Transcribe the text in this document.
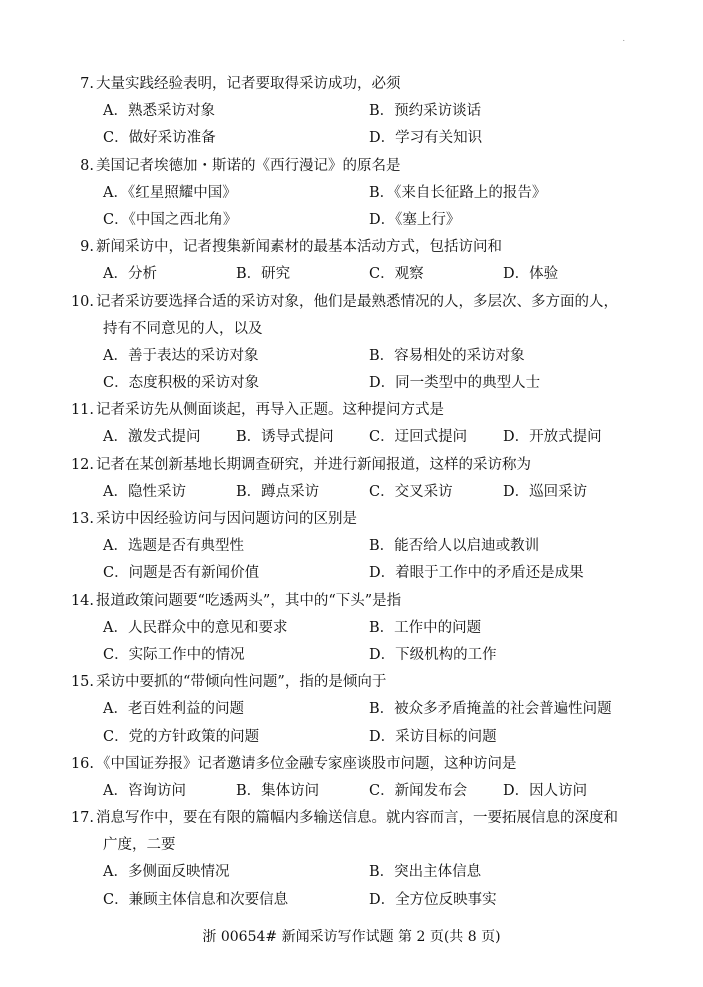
.
7. 大量实践经验表明，记者要取得采访成功，必须
A．熟悉采访对象	B．预约采访谈话
C．做好采访准备	D．学习有关知识
8. 美国记者埃德加・斯诺的《西行漫记》的原名是
A．《红星照耀中国》	B．《来自长征路上的报告》
C．《中国之西北角》	D．《塞上行》
9. 新闻采访中，记者搜集新闻素材的最基本活动方式，包括访问和
A．分析	B．研究	C．观察	D．体验
10. 记者采访要选择合适的采访对象，他们是最熟悉情况的人，多层次、多方面的人，
持有不同意见的人，以及
A．善于表达的采访对象	B．容易相处的采访对象
C．态度积极的采访对象	D．同一类型中的典型人士
11. 记者采访先从侧面谈起，再导入正题。这种提问方式是
A．激发式提问 B．诱导式提问 C．迂回式提问 D．开放式提问
12. 记者在某创新基地长期调查研究，并进行新闻报道，这样的采访称为
A．隐性采访	B．蹲点采访	C．交叉采访	D．巡回采访
13. 采访中因经验访问与因问题访问的区别是
A．选题是否有典型性	B．能否给人以启迪或教训
C．问题是否有新闻价值	D．着眼于工作中的矛盾还是成果
14. 报道政策问题要“吃透两头”，其中的“下头”是指
A．人民群众中的意见和要求	B．工作中的问题
C．实际工作中的情况	D．下级机构的工作
15. 采访中要抓的“带倾向性问题”，指的是倾向于
A．老百姓利益的问题	B．被众多矛盾掩盖的社会普遍性问题
C．党的方针政策的问题	D．采访目标的问题
16. 《中国证券报》记者邀请多位金融专家座谈股市问题，这种访问是
A．咨询访问	B．集体访问	C．新闻发布会 D．因人访问
17. 消息写作中，要在有限的篇幅内多输送信息。就内容而言，一要拓展信息的深度和
广度，二要
A．多侧面反映情况	B．突出主体信息
C．兼顾主体信息和次要信息	D．全方位反映事实
浙 00654# 新闻采访写作试题 第 2 页(共 8 页)
